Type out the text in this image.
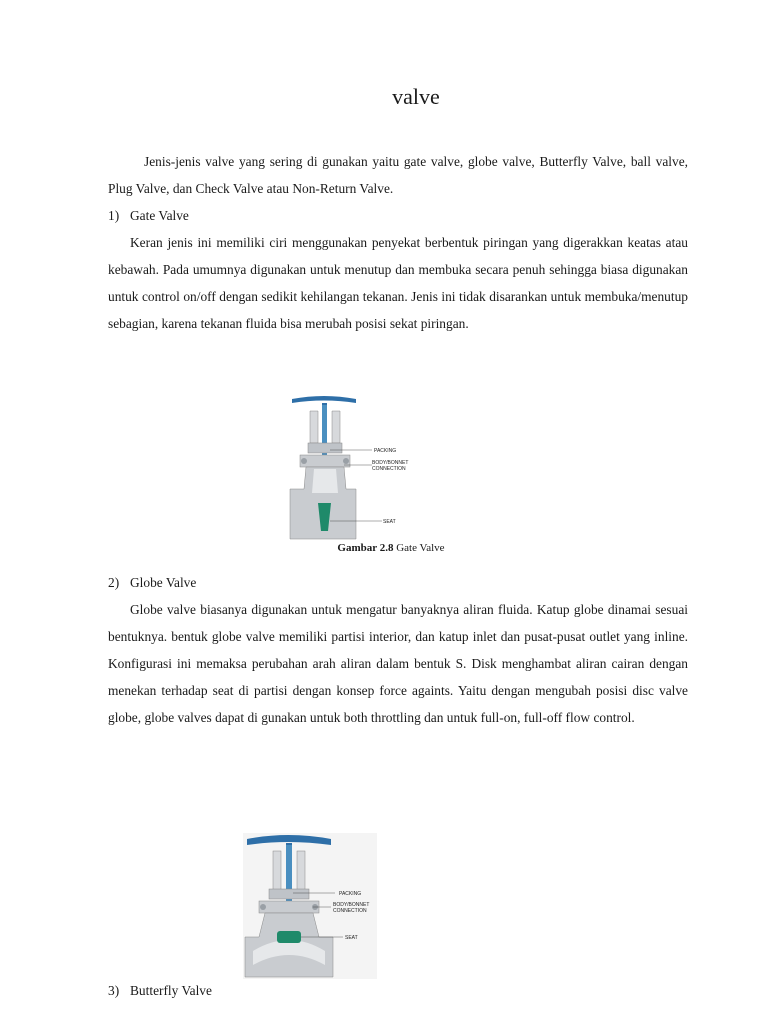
valve

Jenis-jenis valve yang sering di gunakan yaitu gate valve, globe valve, Butterfly Valve, ball valve, Plug Valve, dan Check Valve atau Non-Return Valve.

1) Gate Valve

Keran jenis ini memiliki ciri menggunakan penyekat berbentuk piringan yang digerakkan keatas atau kebawah. Pada umumnya digunakan untuk menutup dan membuka secara penuh sehingga biasa digunakan untuk control on/off dengan sedikit kehilangan tekanan. Jenis ini tidak disarankan untuk membuka/menutup sebagian, karena tekanan fluida bisa merubah posisi sekat piringan.

PACKING
BODY/BONNET
CONNECTION
SEAT
Gambar 2.8 Gate Valve
2) Globe Valve

Globe valve biasanya digunakan untuk mengatur banyaknya aliran fluida. Katup globe dinamai sesuai bentuknya. bentuk globe valve memiliki partisi interior, dan katup inlet dan pusat-pusat outlet yang inline. Konfigurasi ini memaksa perubahan arah aliran dalam bentuk S. Disk menghambat aliran cairan dengan menekan terhadap seat di partisi dengan konsep force againts. Yaitu dengan mengubah posisi disc valve globe, globe valves dapat di gunakan untuk both throttling dan untuk full-on, full-off flow control.

PACKING
BODY/BONNET
CONNECTION
SEAT
3) Butterfly Valve
